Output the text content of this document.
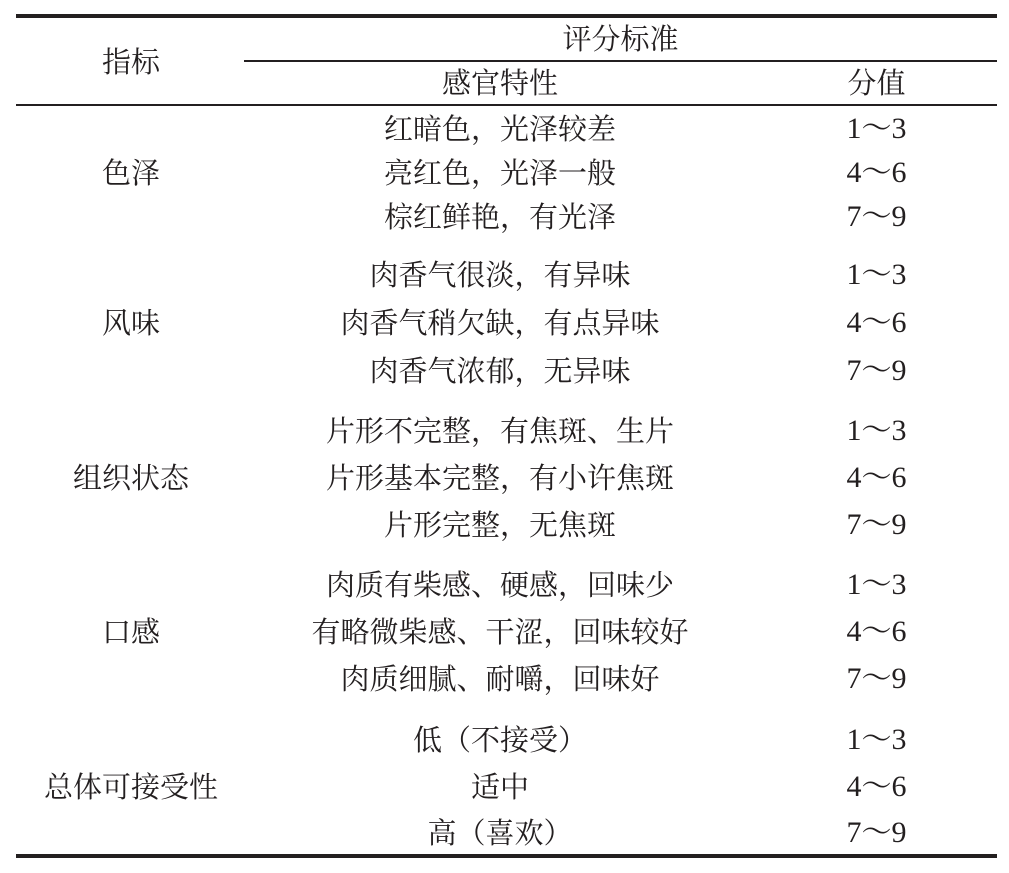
指标
评分标准
感官特性	分值
色泽
红暗色，光泽较差	1～3
亮红色，光泽一般	4～6
棕红鲜艳，有光泽	7～9
风味
肉香气很淡，有异味	1～3
肉香气稍欠缺，有点异味	4～6
肉香气浓郁，无异味	7～9
组织状态
片形不完整，有焦斑、生片	1～3
片形基本完整，有小许焦斑	4～6
片形完整，无焦斑	7～9
口感
肉质有柴感、硬感，回味少	1～3
有略微柴感、干涩，回味较好	4～6
肉质细腻、耐嚼，回味好	7～9
总体可接受性
低（不接受）	1～3
适中	4～6
高（喜欢）	7～9
